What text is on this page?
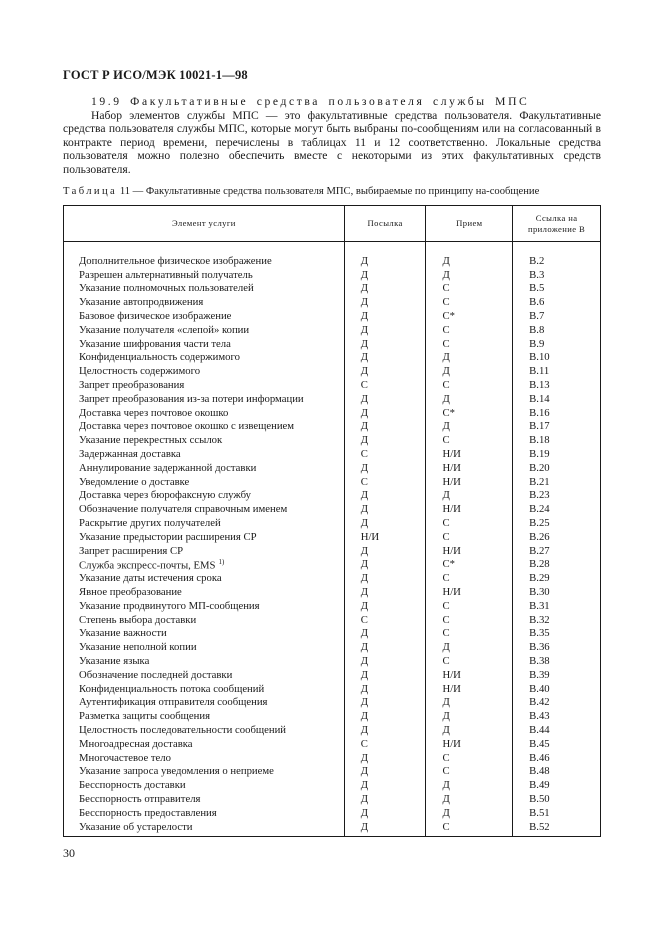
ГОСТ Р ИСО/МЭК 10021-1—98
19.9 Факультативные средства пользователя службы МПС
Набор элементов службы МПС — это факультативные средства пользователя. Факультативные средства пользователя службы МПС, которые могут быть выбраны по-сообщениям или на согласованный в контракте период времени, перечислены в таблицах 11 и 12 соответственно. Локальные средства пользователя можно полезно обеспечить вместе с некоторыми из этих факультативных средств пользователя.
Таблица 11 — Факультативные средства пользователя МПС, выбираемые по принципу на-сообщение
Элемент услуги	Посылка	Прием	Ссылка на приложение В

Дополнительное физическое изображение	Д	Д	В.2
Разрешен альтернативный получатель	Д	Д	В.3
Указание полномочных пользователей	Д	С	В.5
Указание автопродвижения	Д	С	В.6
Базовое физическое изображение	Д	С*	В.7
Указание получателя «слепой» копии	Д	С	В.8
Указание шифрования части тела	Д	С	В.9
Конфиденциальность содержимого	Д	Д	В.10
Целостность содержимого	Д	Д	В.11
Запрет преобразования	С	С	В.13
Запрет преобразования из-за потери информации	Д	Д	В.14
Доставка через почтовое окошко	Д	С*	В.16
Доставка через почтовое окошко с извещением	Д	Д	В.17
Указание перекрестных ссылок	Д	С	В.18
Задержанная доставка	С	Н/И	В.19
Аннулирование задержанной доставки	Д	Н/И	В.20
Уведомление о доставке	С	Н/И	В.21
Доставка через бюрофаксную службу	Д	Д	В.23
Обозначение получателя справочным именем	Д	Н/И	В.24
Раскрытие других получателей	Д	С	В.25
Указание предыстории расширения СР	Н/И	С	В.26
Запрет расширения СР	Д	Н/И	В.27
Служба экспресс-почты, EMS $^{1)}$	Д	С*	В.28
Указание даты истечения срока	Д	С	В.29
Явное преобразование	Д	Н/И	В.30
Указание продвинутого МП-сообщения	Д	С	В.31
Степень выбора доставки	С	С	В.32
Указание важности	Д	С	В.35
Указание неполной копии	Д	Д	В.36
Указание языка	Д	С	В.38
Обозначение последней доставки	Д	Н/И	В.39
Конфиденциальность потока сообщений	Д	Н/И	В.40
Аутентификация отправителя сообщения	Д	Д	В.42
Разметка защиты сообщения	Д	Д	В.43
Целостность последовательности сообщений	Д	Д	В.44
Многоадресная доставка	С	Н/И	В.45
Многочастевое тело	Д	С	В.46
Указание запроса уведомления о неприеме	Д	С	В.48
Бесспорность доставки	Д	Д	В.49
Бесспорность отправителя	Д	Д	В.50
Бесспорность предоставления	Д	Д	В.51
Указание об устарелости	Д	С	В.52

30
